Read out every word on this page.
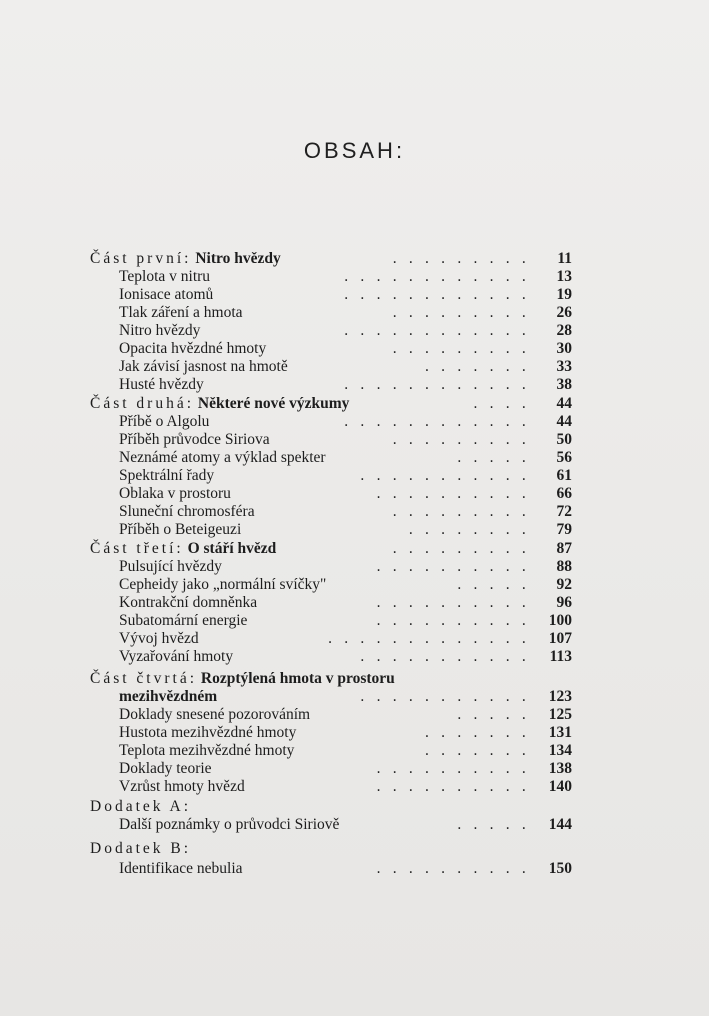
OBSAH:
Část první: Nitro hvězdy	. . . . . . . . .	11
Teplota v nitru	. . . . . . . . . . . .	13
Ionisace atomů	. . . . . . . . . . . .	19
Tlak záření a hmota	. . . . . . . . .	26
Nitro hvězdy	. . . . . . . . . . . .	28
Opacita hvězdné hmoty	. . . . . . . . .	30
Jak závisí jasnost na hmotě	. . . . . . .	33
Husté hvězdy	. . . . . . . . . . . .	38
Část druhá: Některé nové výzkumy	. . . .	44
Příbě o Algolu	. . . . . . . . . . . .	44
Příběh průvodce Siriova	. . . . . . . . .	50
Neznámé atomy a výklad spekter	. . . . .	56
Spektrální řady	. . . . . . . . . . .	61
Oblaka v prostoru	. . . . . . . . . .	66
Sluneční chromosféra	. . . . . . . . .	72
Příběh o Beteigeuzi	. . . . . . . .	79
Část třetí: O stáří hvězd	. . . . . . . . .	87
Pulsující hvězdy	. . . . . . . . . .	88
Cepheidy jako „normální svíčky"	. . . . .	92
Kontrakční domněnka	. . . . . . . . . .	96
Subatomární energie	. . . . . . . . . .	100
Vývoj hvězd	. . . . . . . . . . . . .	107
Vyzařování hmoty	. . . . . . . . . . .	113
Část čtvrtá: Rozptýlená hmota v prostoru
mezihvězdném	. . . . . . . . . . .	123
Doklady snesené pozorováním	. . . . .	125
Hustota mezihvězdné hmoty	. . . . . . .	131
Teplota mezihvězdné hmoty	. . . . . . .	134
Doklady teorie	. . . . . . . . . .	138
Vzrůst hmoty hvězd	. . . . . . . . . .	140
Dodatek A:
Další poznámky o průvodci Siriově	. . . . .	144
Dodatek B:
Identifikace nebulia	. . . . . . . . . .	150
